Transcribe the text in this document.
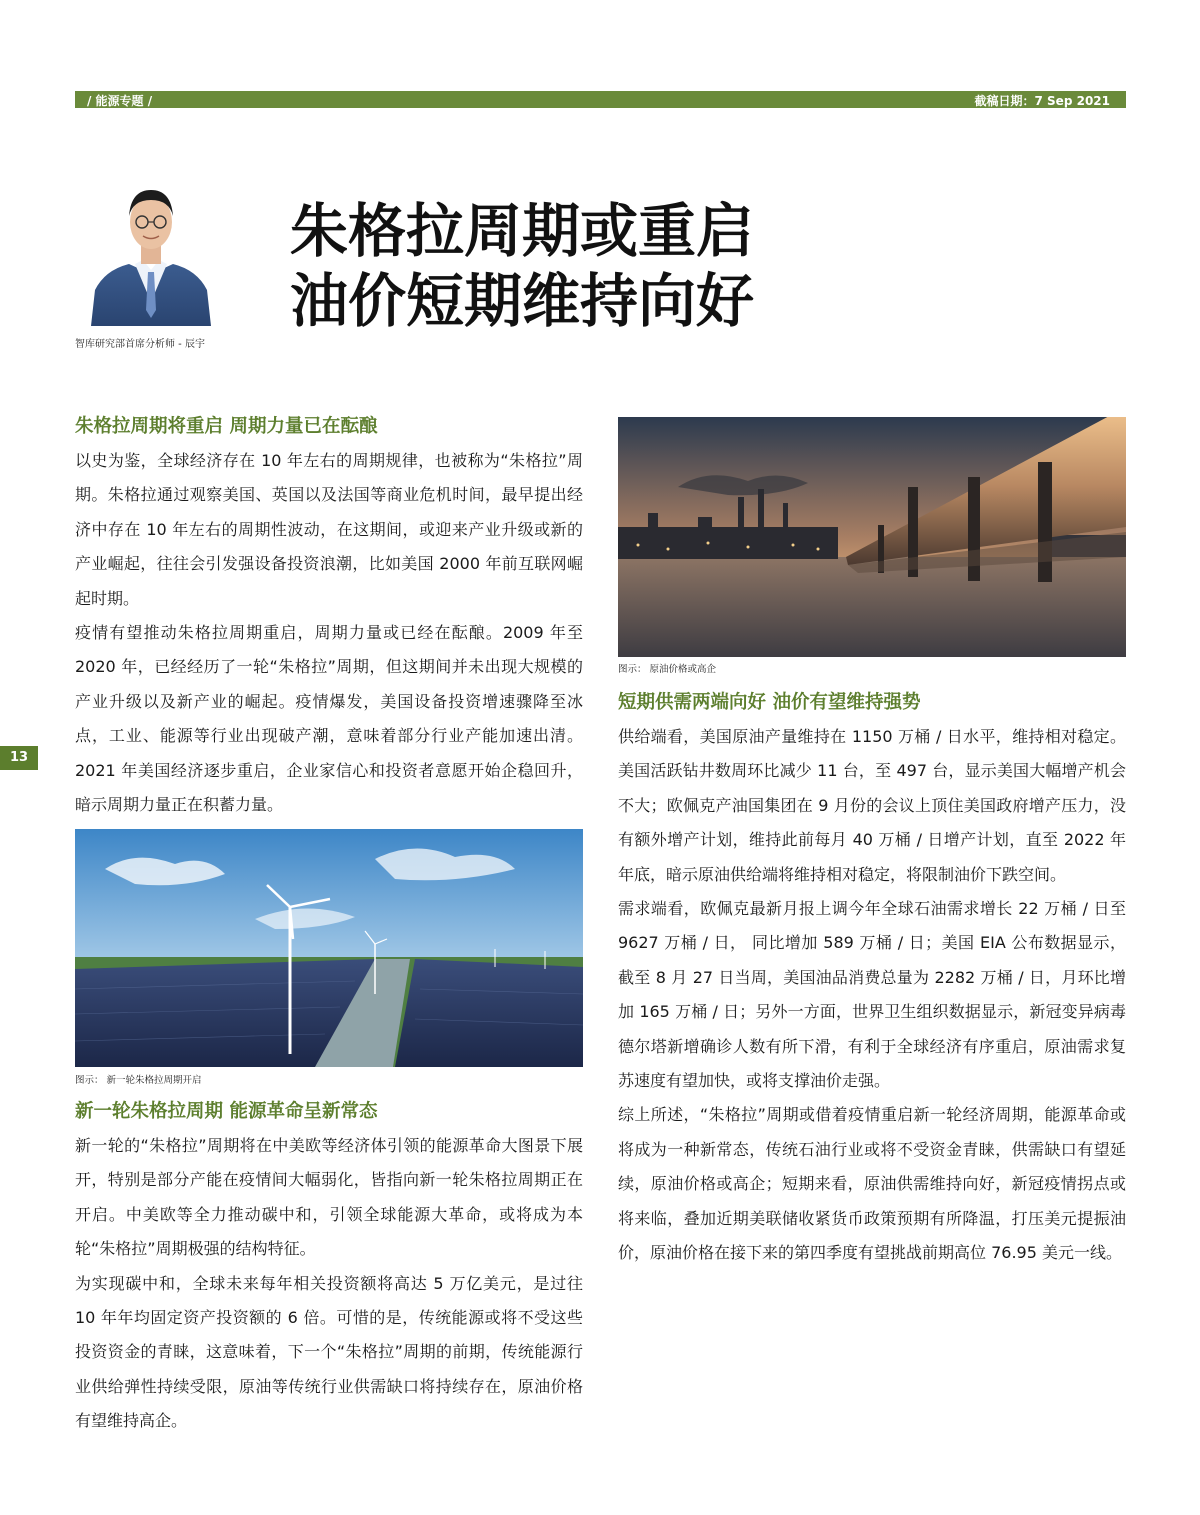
/ 能源专题 /	截稿日期：7 Sep 2021
智库研究部首席分析师 - 辰宇
朱格拉周期或重启
油价短期维持向好
13
朱格拉周期将重启 周期力量已在酝酿

以史为鉴，全球经济存在 10 年左右的周期规律，也被称为“朱格拉”周期。朱格拉通过观察美国、英国以及法国等商业危机时间，最早提出经济中存在 10 年左右的周期性波动，在这期间，或迎来产业升级或新的产业崛起，往往会引发强设备投资浪潮，比如美国 2000 年前互联网崛起时期。

疫情有望推动朱格拉周期重启，周期力量或已经在酝酿。2009 年至 2020 年，已经经历了一轮“朱格拉”周期，但这期间并未出现大规模的产业升级以及新产业的崛起。疫情爆发，美国设备投资增速骤降至冰点，工业、能源等行业出现破产潮，意味着部分行业产能加速出清。2021 年美国经济逐步重启，企业家信心和投资者意愿开始企稳回升，暗示周期力量正在积蓄力量。

图示： 新一轮朱格拉周期开启
新一轮朱格拉周期 能源革命呈新常态

新一轮的“朱格拉”周期将在中美欧等经济体引领的能源革命大图景下展开，特别是部分产能在疫情间大幅弱化，皆指向新一轮朱格拉周期正在开启。中美欧等全力推动碳中和，引领全球能源大革命，或将成为本轮“朱格拉”周期极强的结构特征。

为实现碳中和，全球未来每年相关投资额将高达 5 万亿美元，是过往 10 年年均固定资产投资额的 6 倍。可惜的是，传统能源或将不受这些投资资金的青睐，这意味着，下一个“朱格拉”周期的前期，传统能源行业供给弹性持续受限，原油等传统行业供需缺口将持续存在，原油价格有望维持高企。

图示： 原油价格或高企
短期供需两端向好 油价有望维持强势

供给端看，美国原油产量维持在 1150 万桶 / 日水平，维持相对稳定。美国活跃钻井数周环比减少 11 台，至 497 台，显示美国大幅增产机会不大；欧佩克产油国集团在 9 月份的会议上顶住美国政府增产压力，没有额外增产计划，维持此前每月 40 万桶 / 日增产计划，直至 2022 年年底，暗示原油供给端将维持相对稳定，将限制油价下跌空间。

需求端看，欧佩克最新月报上调今年全球石油需求增长 22 万桶 / 日至 9627 万桶 / 日， 同比增加 589 万桶 / 日；美国 EIA 公布数据显示，截至 8 月 27 日当周，美国油品消费总量为 2282 万桶 / 日，月环比增加 165 万桶 / 日；另外一方面，世界卫生组织数据显示，新冠变异病毒德尔塔新增确诊人数有所下滑，有利于全球经济有序重启，原油需求复苏速度有望加快，或将支撑油价走强。

综上所述，“朱格拉”周期或借着疫情重启新一轮经济周期，能源革命或将成为一种新常态，传统石油行业或将不受资金青睐，供需缺口有望延续，原油价格或高企；短期来看，原油供需维持向好，新冠疫情拐点或将来临，叠加近期美联储收紧货币政策预期有所降温，打压美元提振油价，原油价格在接下来的第四季度有望挑战前期高位 76.95 美元一线。
